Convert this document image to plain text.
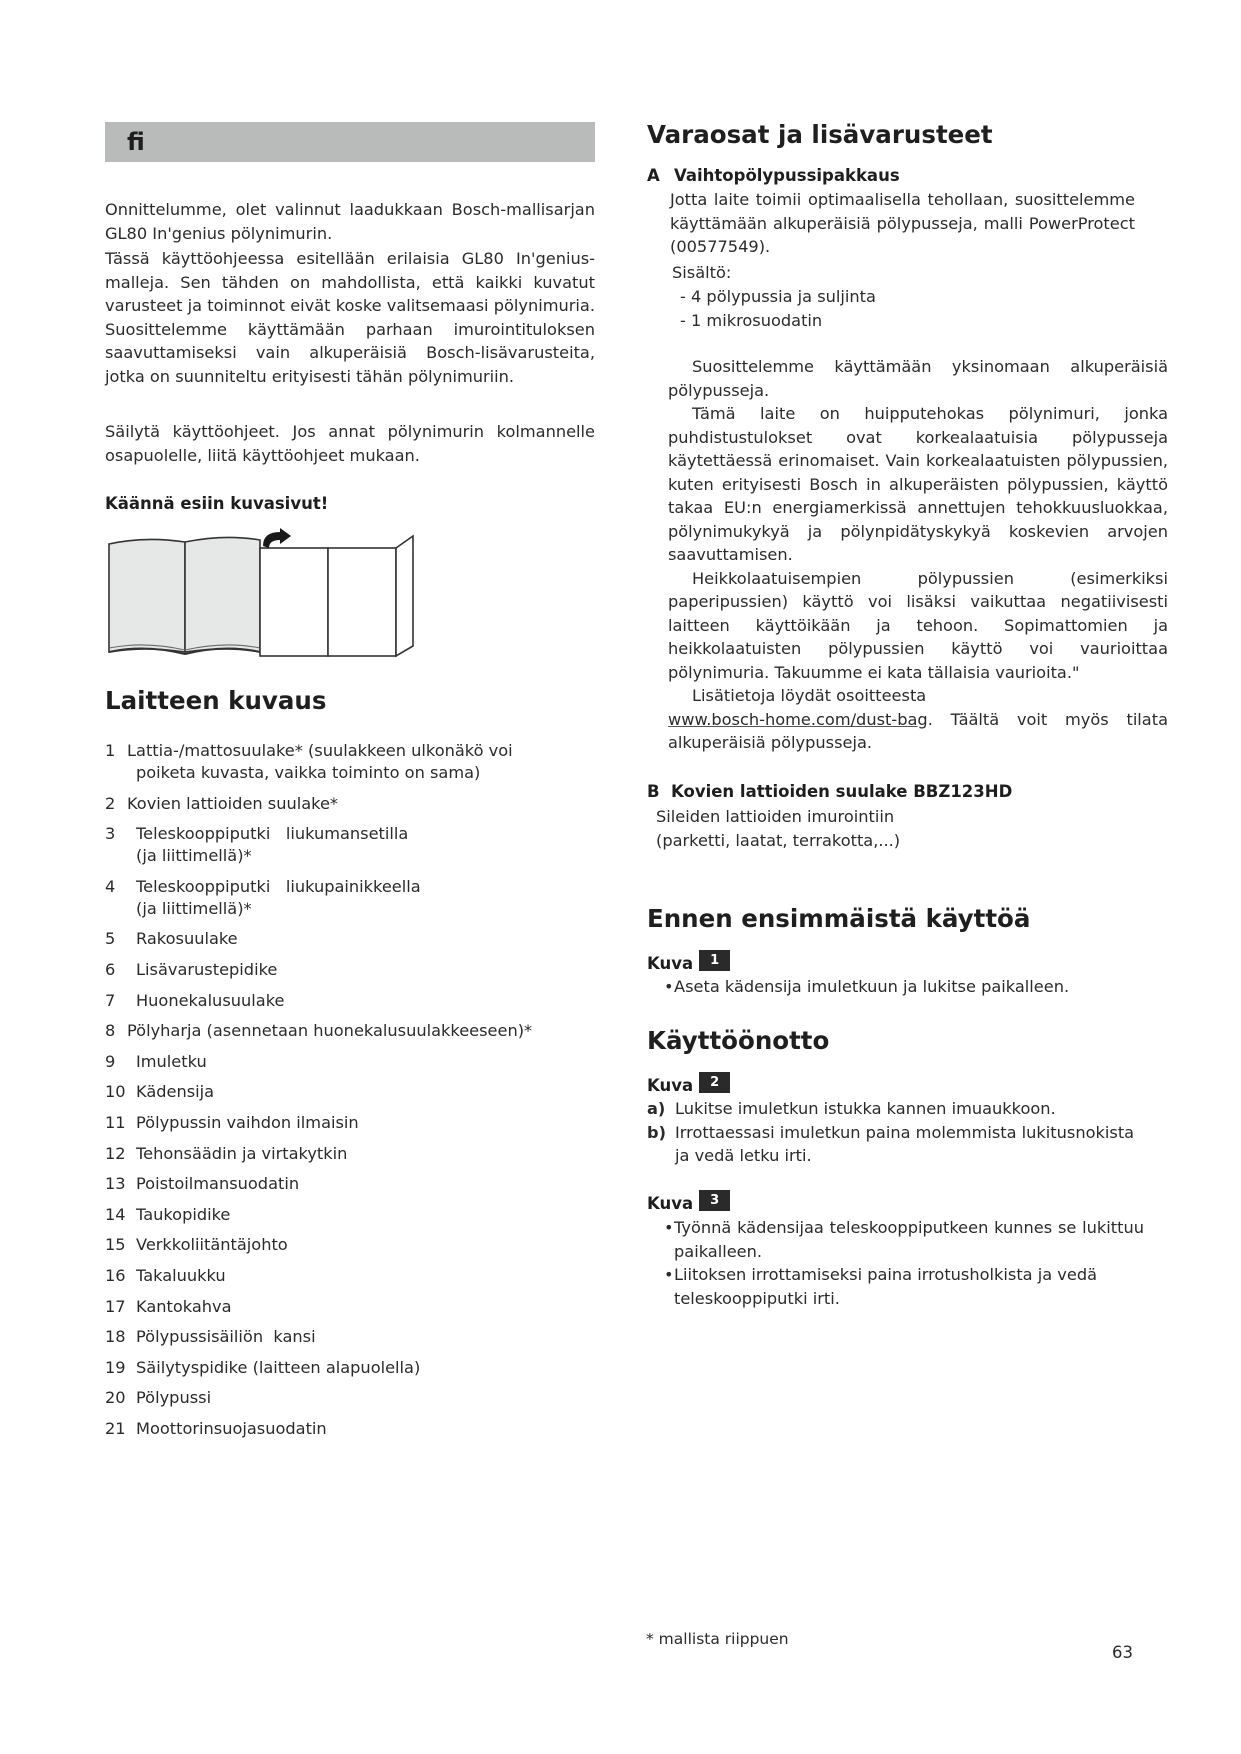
fi

Onnittelumme, olet valinnut laadukkaan Bosch-mallisarjan GL80 In'genius pölynimurin.

Tässä käyttöohjeessa esitellään erilaisia GL80 In'genius-malleja. Sen tähden on mahdollista, että kaikki kuvatut varusteet ja toiminnot eivät koske valitsemaasi pölynimuria. Suosittelemme käyttämään parhaan imurointituloksen saavuttamiseksi vain alkuperäisiä Bosch-lisävarusteita, jotka on suunniteltu erityisesti tähän pölynimuriin.

Säilytä käyttöohjeet. Jos annat pölynimurin kolmannelle osapuolelle, liitä käyttöohjeet mukaan.

Käännä esiin kuvasivut!
Laitteen kuvaus
1 Lattia-/mattosuulake* (suulakkeen ulkonäkö voi
poiketa kuvasta, vaikka toiminto on sama)
2 Kovien lattioiden suulake*
3	Teleskooppiputki   liukumansetilla
(ja liittimellä)*
4	Teleskooppiputki   liukupainikkeella
(ja liittimellä)*
5	Rakosuulake
6	Lisävarustepidike
7	Huonekalusuulake
8 Pölyharja (asennetaan huonekalusuulakkeeseen)*
9	Imuletku
10 Kädensija
11 Pölypussin vaihdon ilmaisin
12 Tehonsäädin ja virtakytkin
13 Poistoilmansuodatin
14 Taukopidike
15 Verkkoliitäntäjohto
16 Takaluukku
17 Kantokahva
18 Pölypussisäiliön  kansi
19 Säilytyspidike (laitteen alapuolella)
20 Pölypussi
21 Moottorinsuojasuodatin
Varaosat ja lisävarusteet
A Vaihtopölypussipakkaus

Jotta laite toimii optimaalisella tehollaan, suosittelemme käyttämään alkuperäisiä pölypusseja, malli PowerProtect (00577549).

Sisältö:
- 4 pölypussia ja suljinta
- 1 mikrosuodatin

Suosittelemme käyttämään yksinomaan alkuperäisiä pölypusseja.

Tämä laite on huipputehokas pölynimuri, jonka puhdistustulokset ovat korkealaatuisia pölypusseja käytettäessä erinomaiset. Vain korkealaatuisten pölypussien, kuten erityisesti Bosch in alkuperäisten pölypussien, käyttö takaa EU:n energiamerkissä annettujen tehokkuusluokkaa, pölynimukykyä ja pölynpidätyskykyä koskevien arvojen saavuttamisen.

Heikkolaatuisempien pölypussien (esimerkiksi paperipussien) käyttö voi lisäksi vaikuttaa negatiivisesti laitteen käyttöikään ja tehoon. Sopimattomien ja heikkolaatuisten pölypussien käyttö voi vaurioittaa pölynimuria. Takuumme ei kata tällaisia vaurioita."

Lisätietoja löydät osoitteesta
www.bosch-home.com/dust-bag. Täältä voit myös tilata alkuperäisiä pölypusseja.

B Kovien lattioiden suulake BBZ123HD
Sileiden lattioiden imurointiin
(parketti, laatat, terrakotta,...)
Ennen ensimmäistä käyttöä
Kuva	1
• Aseta kädensija imuletkuun ja lukitse paikalleen.
Käyttöönotto
Kuva	2
a) Lukitse imuletkun istukka kannen imuaukkoon.
b) Irrottaessasi imuletkun paina molemmista lukitusnokista ja vedä letku irti.
Kuva	3
• Työnnä kädensijaa teleskooppiputkeen kunnes se lukittuu paikalleen.
• Liitoksen irrottamiseksi paina irrotusholkista ja vedä teleskooppiputki irti.
* mallista riippuen
63
